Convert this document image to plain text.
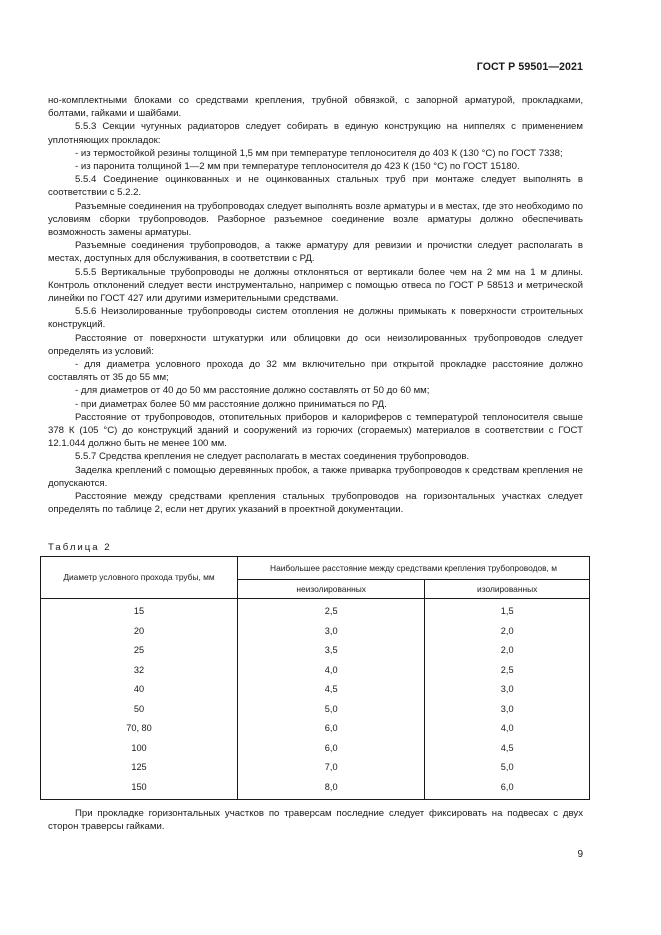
ГОСТ Р 59501—2021

но-комплектными блоками со средствами крепления, трубной обвязкой, с запорной арматурой, прокладками, болтами, гайками и шайбами.

5.5.3 Секции чугунных радиаторов следует собирать в единую конструкцию на ниппелях с применением уплотняющих прокладок:

- из термостойкой резины толщиной 1,5 мм при температуре теплоносителя до 403 К (130 °С) по ГОСТ 7338;

- из паронита толщиной 1—2 мм при температуре теплоносителя до 423 К (150 °С) по ГОСТ 15180.

5.5.4 Соединение оцинкованных и не оцинкованных стальных труб при монтаже следует выполнять в соответствии с 5.2.2.

Разъемные соединения на трубопроводах следует выполнять возле арматуры и в местах, где это необходимо по условиям сборки трубопроводов. Разборное разъемное соединение возле арматуры должно обеспечивать возможность замены арматуры.

Разъемные соединения трубопроводов, а также арматуру для ревизии и прочистки следует располагать в местах, доступных для обслуживания, в соответствии с РД.

5.5.5 Вертикальные трубопроводы не должны отклоняться от вертикали более чем на 2 мм на 1 м длины. Контроль отклонений следует вести инструментально, например с помощью отвеса по ГОСТ Р 58513 и метрической линейки по ГОСТ 427 или другими измерительными средствами.

5.5.6 Неизолированные трубопроводы систем отопления не должны примыкать к поверхности строительных конструкций.

Расстояние от поверхности штукатурки или облицовки до оси неизолированных трубопроводов следует определять из условий:

- для диаметра условного прохода до 32 мм включительно при открытой прокладке расстояние должно составлять от 35 до 55 мм;

- для диаметров от 40 до 50 мм расстояние должно составлять от 50 до 60 мм;

- при диаметрах более 50 мм расстояние должно приниматься по РД.

Расстояние от трубопроводов, отопительных приборов и калориферов с температурой теплоносителя свыше 378 К (105 °С) до конструкций зданий и сооружений из горючих (сгораемых) материалов в соответствии с ГОСТ 12.1.044 должно быть не менее 100 мм.

5.5.7 Средства крепления не следует располагать в местах соединения трубопроводов.

Заделка креплений с помощью деревянных пробок, а также приварка трубопроводов к средствам крепления не допускаются.

Расстояние между средствами крепления стальных трубопроводов на горизонтальных участках следует определять по таблице 2, если нет других указаний в проектной документации.

Таблица 2
Диаметр условного прохода трубы, мм	Наибольшее расстояние между средствами крепления трубопроводов, м	
	неизолированных	изолированных
15	2,5	1,5
20	3,0	2,0
25	3,5	2,0
32	4,0	2,5
40	4,5	3,0
50	5,0	3,0
70, 80	6,0	4,0
100	6,0	4,5
125	7,0	5,0
150	8,0	6,0

При прокладке горизонтальных участков по траверсам последние следует фиксировать на подвесах с двух сторон траверсы гайками.

9
